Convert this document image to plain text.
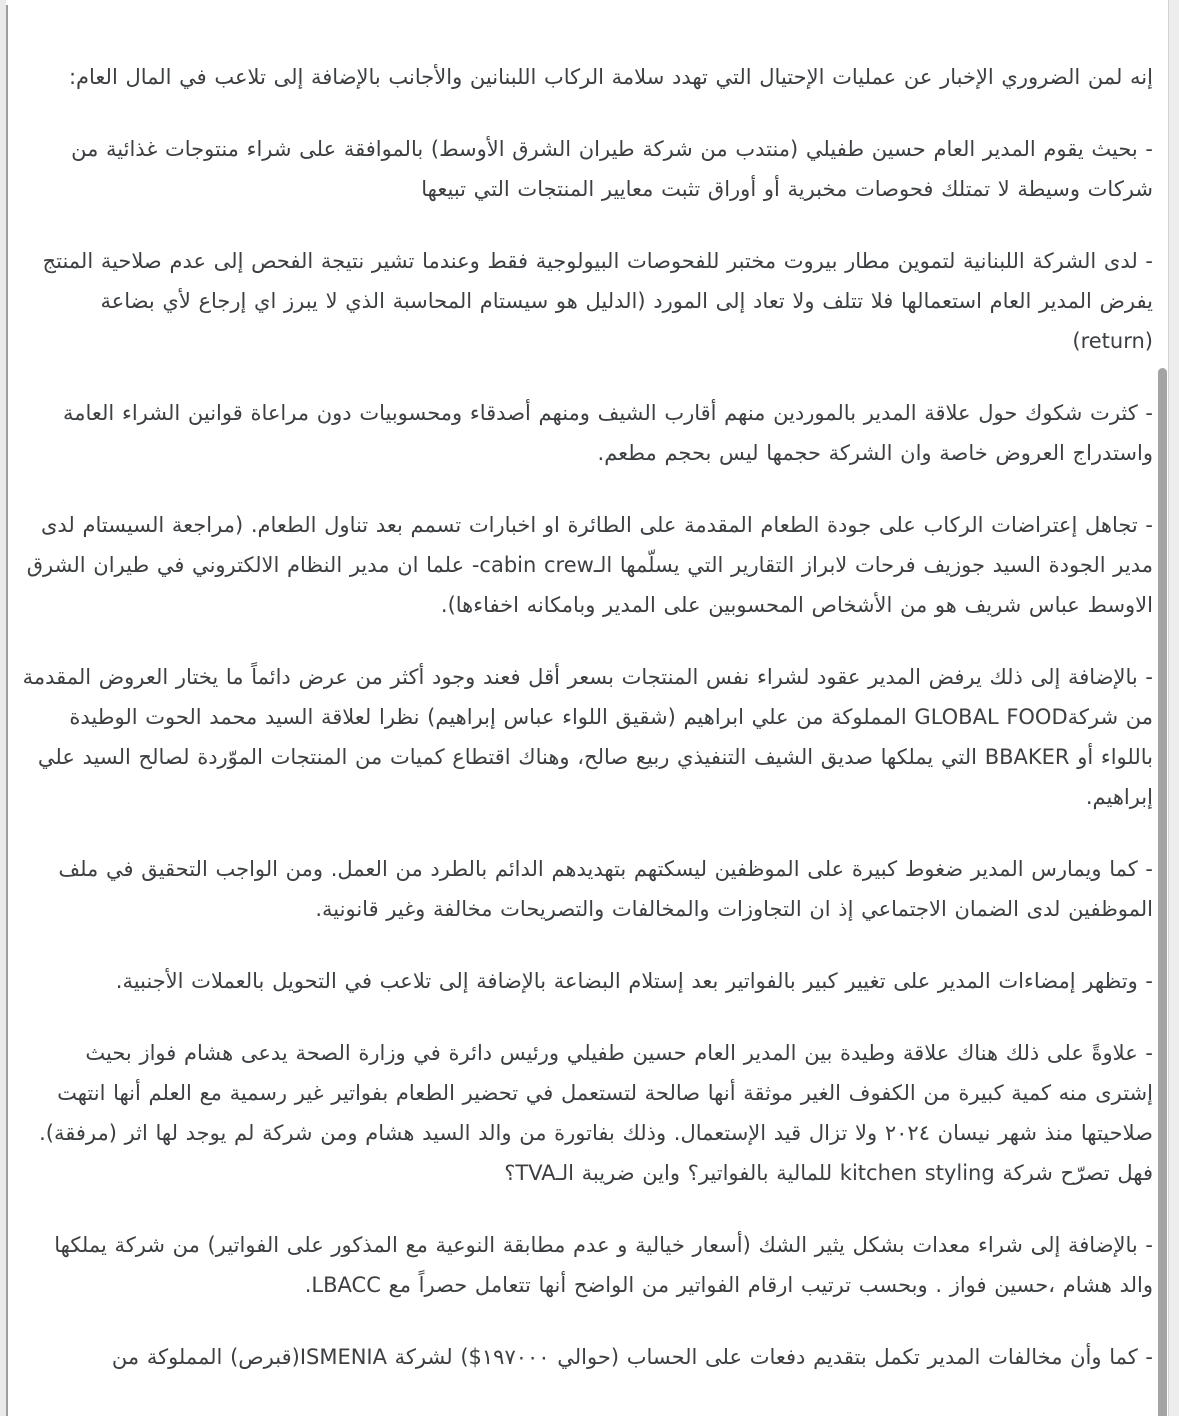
إنه لمن الضروري الإخبار عن عمليات الإحتيال التي تهدد سلامة الركاب اللبنانين والأجانب بالإضافة إلى تلاعب في المال العام:

- بحيث يقوم المدير العام حسين طفيلي (منتدب من شركة طيران الشرق الأوسط) بالموافقة على شراء منتوجات غذائية من شركات وسيطة لا تمتلك فحوصات مخبرية أو أوراق تثبت معايير المنتجات التي تبيعها

- لدى الشركة اللبنانية لتموين مطار بيروت مختبر للفحوصات البيولوجية فقط وعندما تشير نتيجة الفحص إلى عدم صلاحية المنتج يفرض المدير العام استعمالها فلا تتلف ولا تعاد إلى المورد (الدليل هو سيستام المحاسبة الذي لا يبرز اي إرجاع لأي بضاعة (return)

- كثرت شكوك حول علاقة المدير بالموردين منهم أقارب الشيف ومنهم أصدقاء ومحسوبيات دون مراعاة قوانين الشراء العامة واستدراج العروض خاصة وان الشركة حجمها ليس بحجم مطعم.

- تجاهل إعتراضات الركاب على جودة الطعام المقدمة على الطائرة او اخبارات تسمم بعد تناول الطعام. (مراجعة السيستام لدى مدير الجودة السيد جوزيف فرحات لابراز التقارير التي يسلّمها الـcabin crew- علما ان مدير النظام الالكتروني في طيران الشرق الاوسط عباس شريف هو من الأشخاص المحسوبين على المدير وبامكانه اخفاءها).

- بالإضافة إلى ذلك يرفض المدير عقود لشراء نفس المنتجات بسعر أقل فعند وجود أكثر من عرض دائماً ما يختار العروض المقدمة من شركةGLOBAL FOOD المملوكة من علي ابراهيم (شقيق اللواء عباس إبراهيم) نظرا لعلاقة السيد محمد الحوت الوطيدة باللواء أو BBAKER التي يملكها صديق الشيف التنفيذي ربيع صالح، وهناك اقتطاع كميات من المنتجات الموّردة لصالح السيد علي إبراهيم.

- كما ويمارس المدير ضغوط كبيرة على الموظفين ليسكتهم بتهديدهم الدائم بالطرد من العمل. ومن الواجب التحقيق في ملف الموظفين لدى الضمان الاجتماعي إذ ان التجاوزات والمخالفات والتصريحات مخالفة وغير قانونية.

- وتظهر إمضاءات المدير على تغيير كبير بالفواتير بعد إستلام البضاعة بالإضافة إلى تلاعب في التحويل بالعملات الأجنبية.

- علاوةً على ذلك هناك علاقة وطيدة بين المدير العام حسين طفيلي ورئيس دائرة في وزارة الصحة يدعى هشام فواز بحيث إشترى منه كمية كبيرة من الكفوف الغير موثقة أنها صالحة لتستعمل في تحضير الطعام بفواتير غير رسمية مع العلم أنها انتهت صلاحيتها منذ شهر نيسان ٢٠٢٤ ولا تزال قيد الإستعمال. وذلك بفاتورة من والد السيد هشام ومن شركة لم يوجد لها اثر (مرفقة). فهل تصرّح شركة kitchen styling للمالية بالفواتير؟ واين ضريبة الـTVA؟

- بالإضافة إلى شراء معدات بشكل يثير الشك (أسعار خيالية و عدم مطابقة النوعية مع المذكور على الفواتير) من شركة يملكها والد هشام ،حسين فواز . وبحسب ترتيب ارقام الفواتير من الواضح أنها تتعامل حصراً مع LBACC.

- كما وأن مخالفات المدير تكمل بتقديم دفعات على الحساب (حوالي ١٩٧٠٠٠$) لشركة ISMENIA(قبرص) المملوكة من
